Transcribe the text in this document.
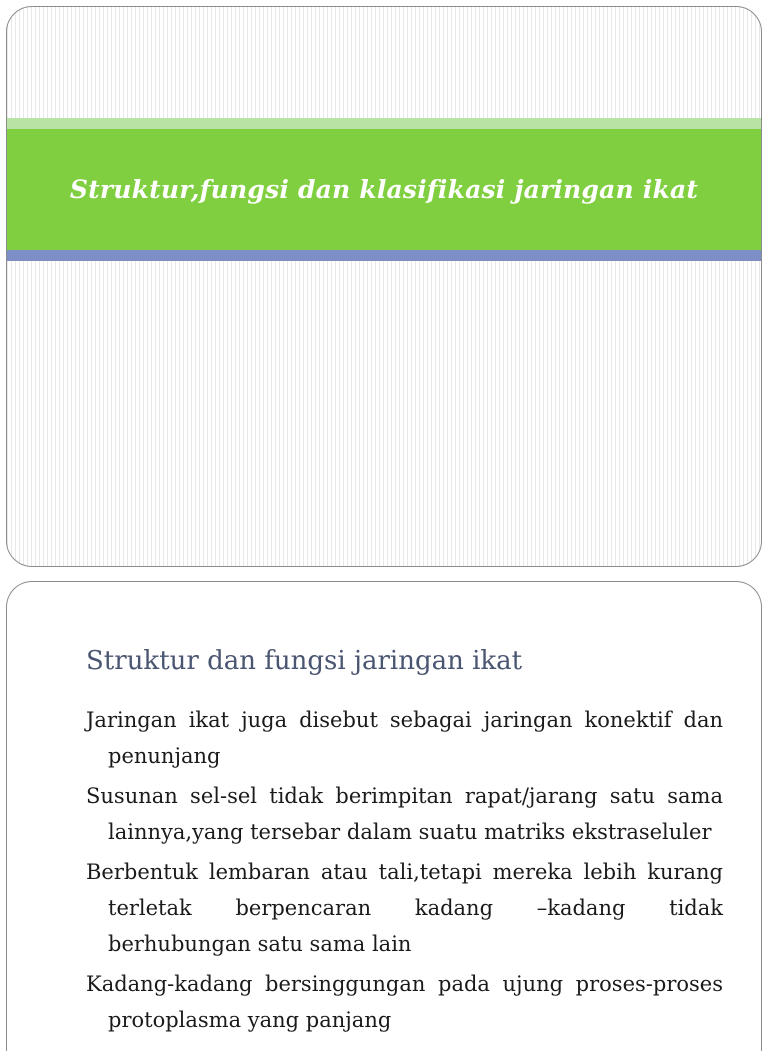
Struktur,fungsi dan klasifikasi jaringan ikat
Struktur dan fungsi jaringan ikat
Jaringan ikat juga disebut sebagai jaringan konektif dan penunjang
Susunan sel-sel tidak berimpitan rapat/jarang satu sama lainnya,yang tersebar dalam suatu matriks ekstraseluler
Berbentuk lembaran atau tali,tetapi mereka lebih kurang terletak berpencaran kadang –kadang tidak berhubungan satu sama lain
Kadang-kadang bersinggungan pada ujung proses-proses protoplasma yang panjang
